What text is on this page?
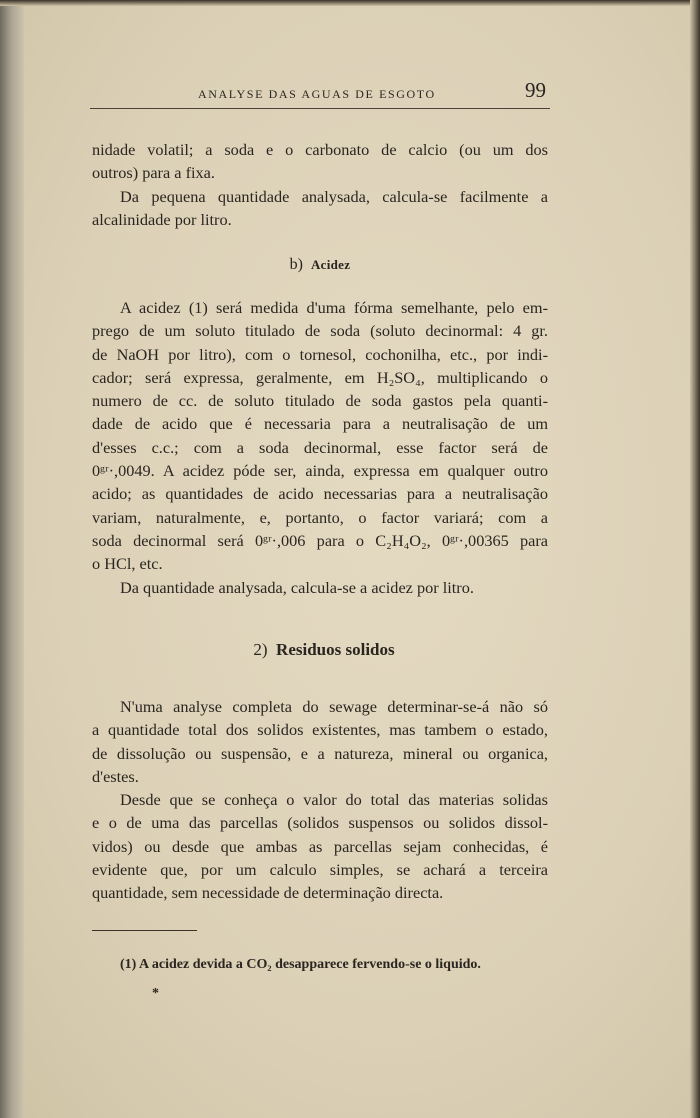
ANALYSE DAS AGUAS DE ESGOTO	99
nidade volatil; a soda e o carbonato de calcio (ou um dos
outros) para a fixa.
Da pequena quantidade analysada, calcula-se facilmente a
alcalinidade por litro.
b) Acidez
A acidez (1) será medida d'uma fórma semelhante, pelo em-
prego de um soluto titulado de soda (soluto decinormal: 4 gr.
de NaOH por litro), com o tornesol, cochonilha, etc., por indi-
cador; será expressa, geralmente, em H₂SO₄, multiplicando o
numero de cc. de soluto titulado de soda gastos pela quanti-
dade de acido que é necessaria para a neutralisação de um
d'esses c.c.; com a soda decinormal, esse factor será de
0ᵍʳ·,0049. A acidez póde ser, ainda, expressa em qualquer outro
acido; as quantidades de acido necessarias para a neutralisação
variam, naturalmente, e, portanto, o factor variará; com a
soda decinormal será 0ᵍʳ·,006 para o C₂H₄O₂, 0ᵍʳ·,00365 para
o HCl, etc.
Da quantidade analysada, calcula-se a acidez por litro.
2) Residuos solidos
N'uma analyse completa do sewage determinar-se-á não só
a quantidade total dos solidos existentes, mas tambem o estado,
de dissolução ou suspensão, e a natureza, mineral ou organica,
d'estes.
Desde que se conheça o valor do total das materias solidas
e o de uma das parcellas (solidos suspensos ou solidos dissol-
vidos) ou desde que ambas as parcellas sejam conhecidas, é
evidente que, por um calculo simples, se achará a terceira
quantidade, sem necessidade de determinação directa.
(1) A acidez devida a CO₂ desapparece fervendo-se o liquido.
*
